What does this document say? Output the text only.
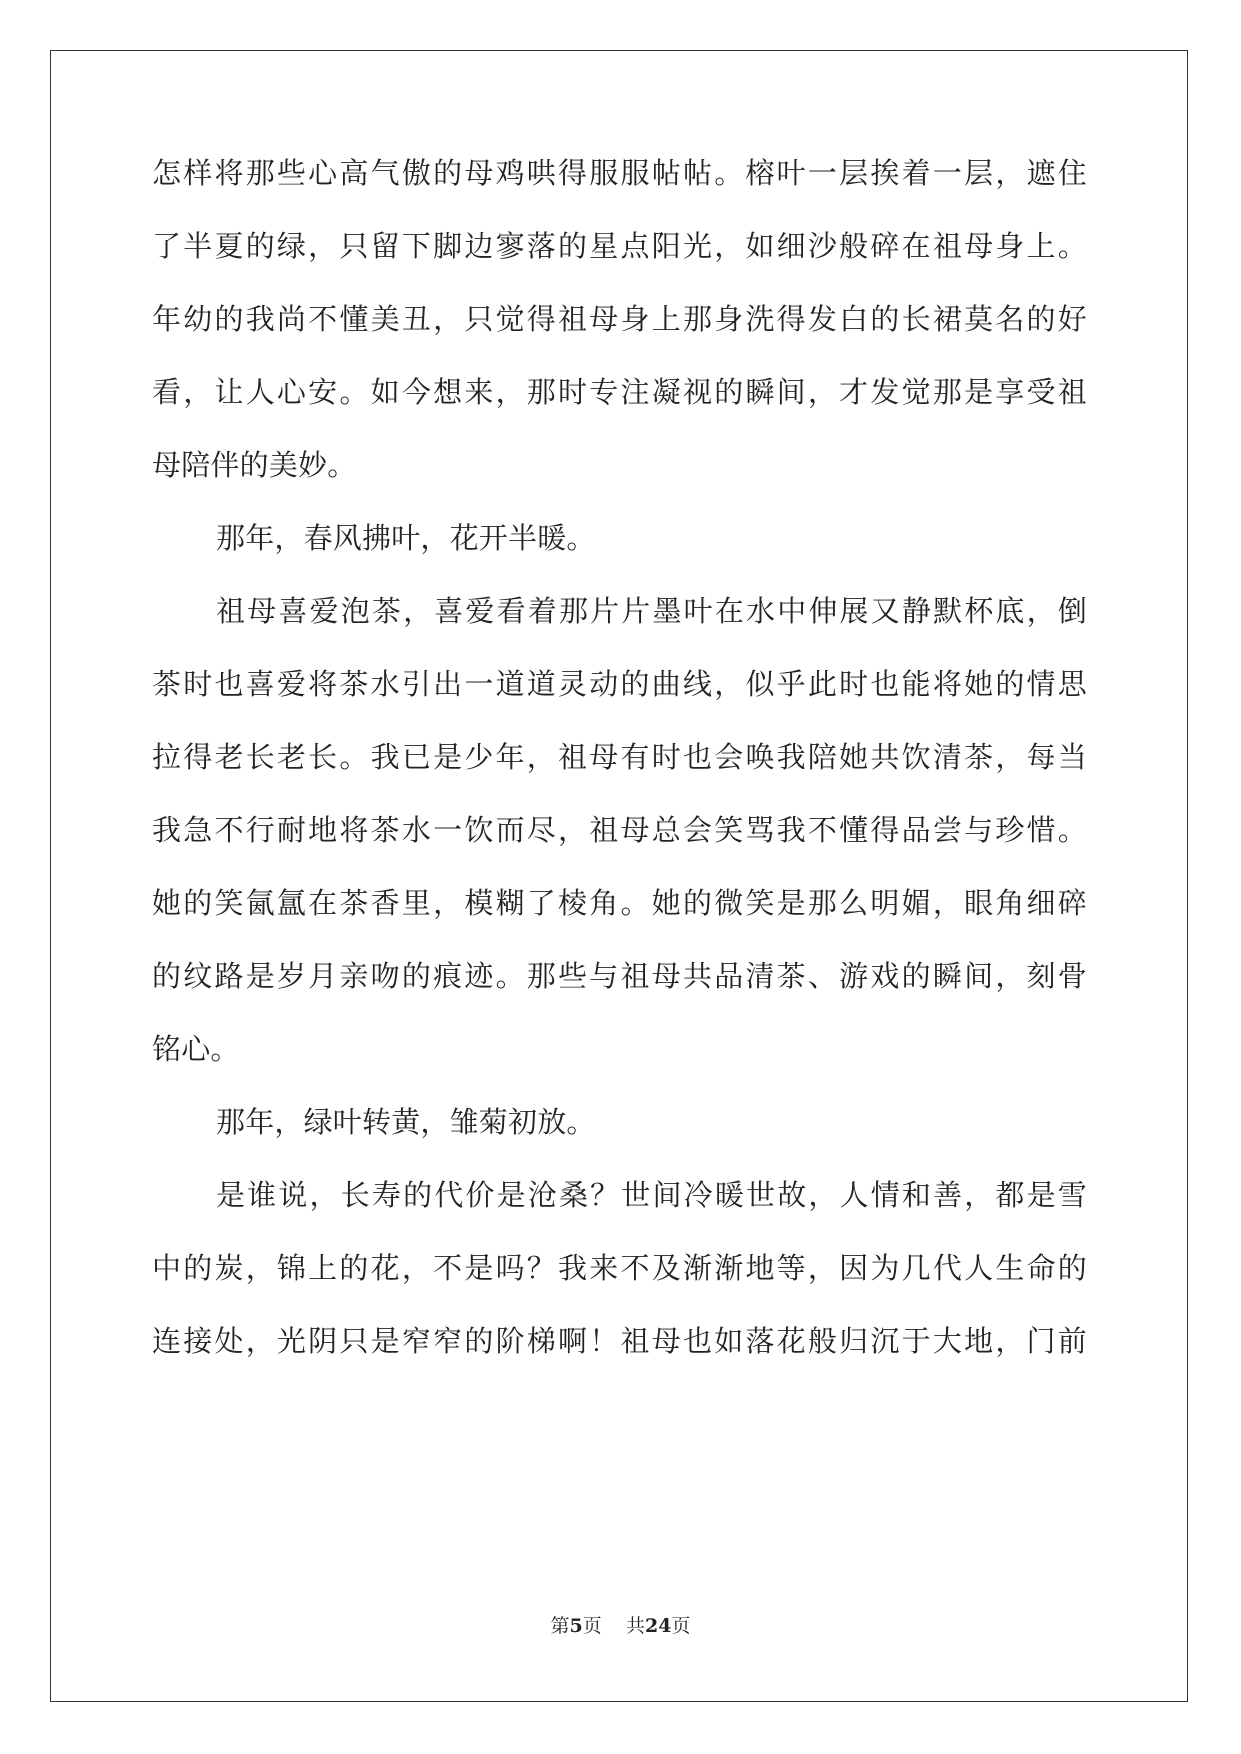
怎样将那些心高气傲的母鸡哄得服服帖帖。榕叶一层挨着一层，遮住
了半夏的绿，只留下脚边寥落的星点阳光，如细沙般碎在祖母身上。
年幼的我尚不懂美丑，只觉得祖母身上那身洗得发白的长裙莫名的好
看，让人心安。如今想来，那时专注凝视的瞬间，才发觉那是享受祖
母陪伴的美妙。
那年，春风拂叶，花开半暖。
祖母喜爱泡茶，喜爱看着那片片墨叶在水中伸展又静默杯底，倒
茶时也喜爱将茶水引出一道道灵动的曲线，似乎此时也能将她的情思
拉得老长老长。我已是少年，祖母有时也会唤我陪她共饮清茶，每当
我急不行耐地将茶水一饮而尽，祖母总会笑骂我不懂得品尝与珍惜。
她的笑氤氲在茶香里，模糊了棱角。她的微笑是那么明媚，眼角细碎
的纹路是岁月亲吻的痕迹。那些与祖母共品清茶、游戏的瞬间，刻骨
铭心。
那年，绿叶转黄，雏菊初放。
是谁说，长寿的代价是沧桑？世间冷暖世故，人情和善，都是雪
中的炭，锦上的花，不是吗？我来不及渐渐地等，因为几代人生命的
连接处，光阴只是窄窄的阶梯啊！祖母也如落花般归沉于大地，门前
第5页 共24页
